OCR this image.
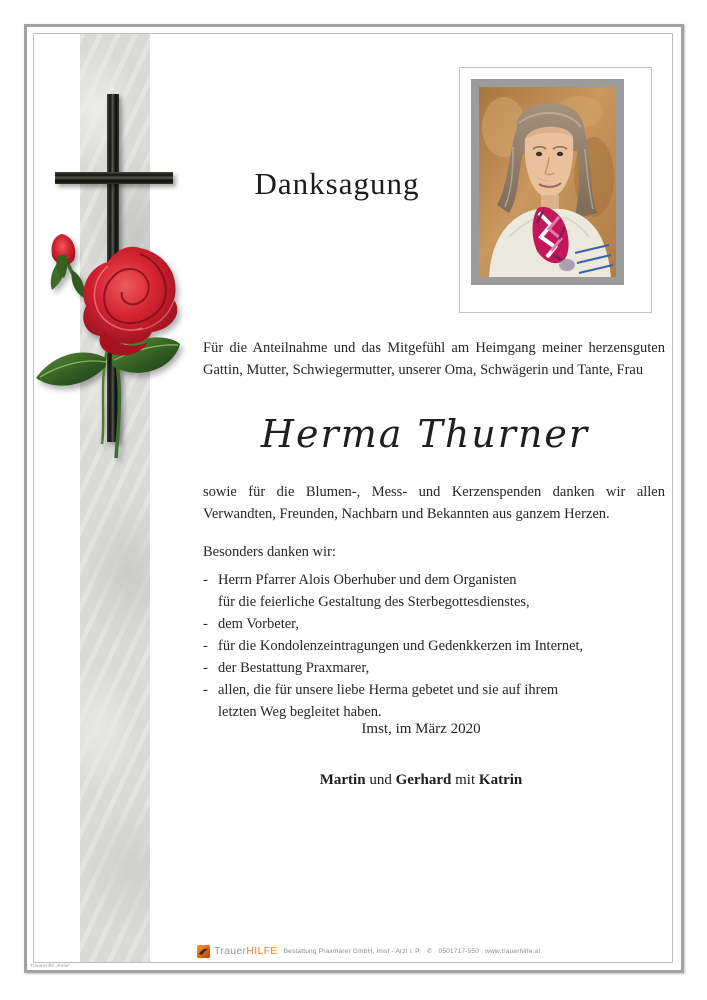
Danksagung
Für die Anteilnahme und das Mitgefühl am Heimgang meiner herzensguten Gattin, Mutter, Schwiegermutter, unserer Oma, Schwägerin und Tante, Frau
Herma Thurner
sowie für die Blumen-, Mess- und Kerzenspenden danken wir allen Verwandten, Freunden, Nachbarn und Bekannten aus ganzem Herzen.
Besonders danken wir:
- Herrn Pfarrer Alois Oberhuber und dem Organisten
für die feierliche Gestaltung des Sterbegottesdienstes,
- dem Vorbeter,
- für die Kondolenzeintragungen und Gedenkkerzen im Internet,
- der Bestattung Praxmarer,
- allen, die für unsere liebe Herma gebetet und sie auf ihrem
letzten Weg begleitet haben.
Imst, im März 2020
Martin und Gerhard mit Katrin
TrauerHILFE Bestattung Praxmarer GmbH, Imst - Arzl i. P. ✆ 0501717-550 www.trauerhilfe.at
© TrauerHilfe „Rose“
